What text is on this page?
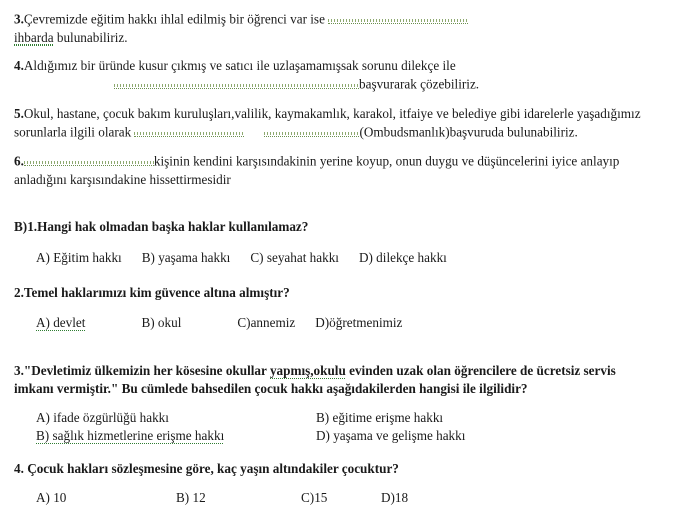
3.Çevremizde eğitim hakkı ihlal edilmiş bir öğrenci var ise
ihbarda bulunabiliriz.
4.Aldığımız bir üründe kusur çıkmış ve satıcı ile uzlaşamamışsak sorunu dilekçe ile
başvurarak çözebiliriz.
5.Okul, hastane, çocuk bakım kuruluşları,valilik, kaymakamlık, karakol, itfaiye ve belediye gibi idarelerle yaşadığımız
sorunlarla ilgili olarak	(Ombudsmanlık)başvuruda bulunabiliriz.
6.	kişinin kendini karşısındakinin yerine koyup, onun duygu ve düşüncelerini iyice anlayıp
anladığını karşısındakine hissettirmesidir
B)1.Hangi hak olmadan başka haklar kullanılamaz?
A) Eğitim hakkı B) yaşama hakkı C) seyahat hakkı D) dilekçe hakkı
2.Temel haklarımızı kim güvence altına almıştır?
A) devlet	B) okul	C)annemiz D)öğretmenimiz
3."Devletimiz ülkemizin her kösesine okullar yapmış,okulu evinden uzak olan öğrencilere de ücretsiz servis
imkanı vermiştir." Bu cümlede bahsedilen çocuk hakkı aşağıdakilerden hangisi ile ilgilidir?
A) ifade özgürlüğü hakkı	B) eğitime erişme hakkı
B) sağlık hizmetlerine erişme hakkı	D) yaşama ve gelişme hakkı
4. Çocuk hakları sözleşmesine göre, kaç yaşın altındakiler çocuktur?
A) 10	B) 12	C)15	D)18
